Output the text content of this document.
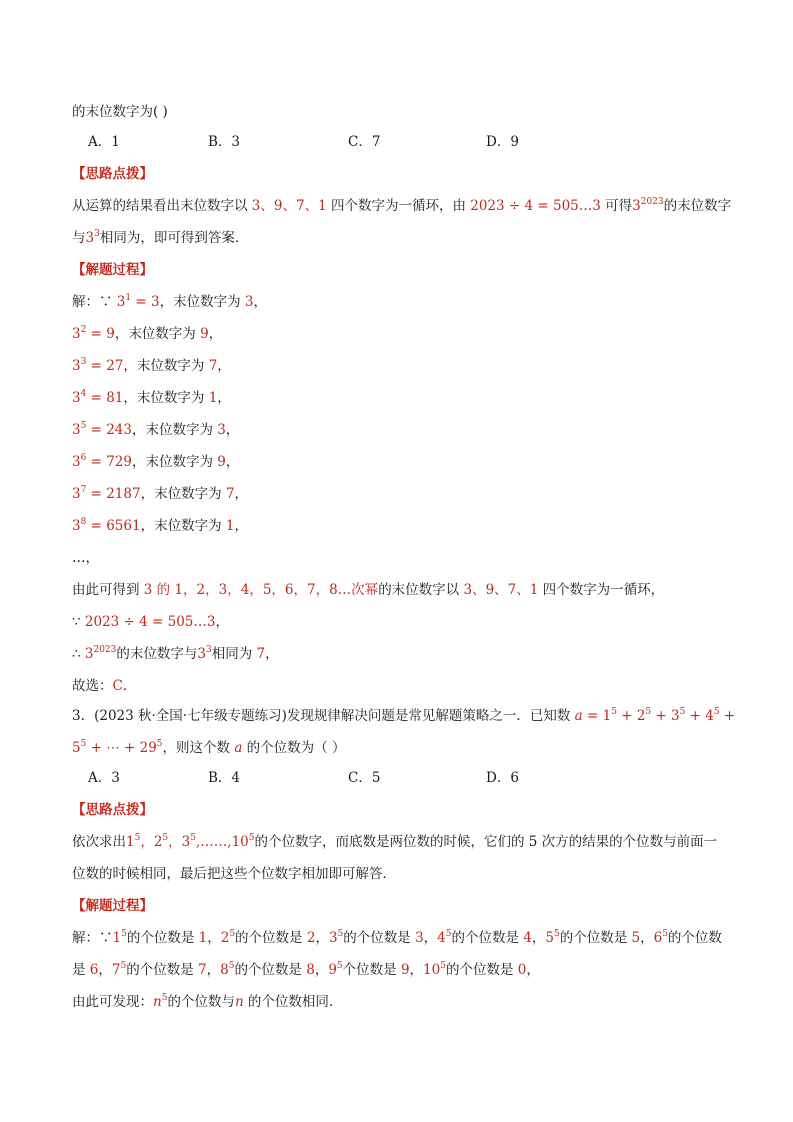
的末位数字为( )
A．1	B．3	C．7	D．9
【思路点拨】
从运算的结果看出末位数字以 3、9、7、1 四个数字为一循环，由 2023 ÷ 4 = 505…3 可得$3^{2023}$的末位数字
与$3^3$相同为，即可得到答案．
【解题过程】
解：∵ $3^1 = 3$，末位数字为 3，
$3^2 = 9$，末位数字为 9，
$3^3 = 27$，末位数字为 7，
$3^4 = 81$，末位数字为 1，
$3^5 = 243$，末位数字为 3，
$3^6 = 729$，末位数字为 9，
$3^7 = 2187$，末位数字为 7，
$3^8 = 6561$，末位数字为 1，
…，
由此可得到 3 的 1，2，3，4，5，6，7，8…次幂的末位数字以 3、9、7、1 四个数字为一循环，
∵ 2023 ÷ 4 = 505…3，
∴ $3^{2023}$的末位数字与$3^3$相同为 7，
故选：C．
3．(2023 秋·全国·七年级专题练习)发现规律解决问题是常见解题策略之一．已知数 $a = 1^5 + 2^5 + 3^5 + 4^5$ +
$5^5$ + ⋯ + $29^5$，则这个数 a 的个位数为（ ）
A．3	B．4	C．5	D．6
【思路点拨】
依次求出$1^5$，$2^5$，$3^5,\dots\dots,10^5$的个位数字，而底数是两位数的时候，它们的 5 次方的结果的个位数与前面一
位数的时候相同，最后把这些个位数字相加即可解答．
【解题过程】
解：$\because 1^5$的个位数是 1，$2^5$的个位数是 2，$3^5$的个位数是 3，$4^5$的个位数是 4，$5^5$的个位数是 5，$6^5$的个位数
是 6，$7^5$的个位数是 7，$8^5$的个位数是 8，$9^5$个位数是 9，$10^5$的个位数是 0，
由此可发现：$n^5$的个位数与n 的个位数相同．
